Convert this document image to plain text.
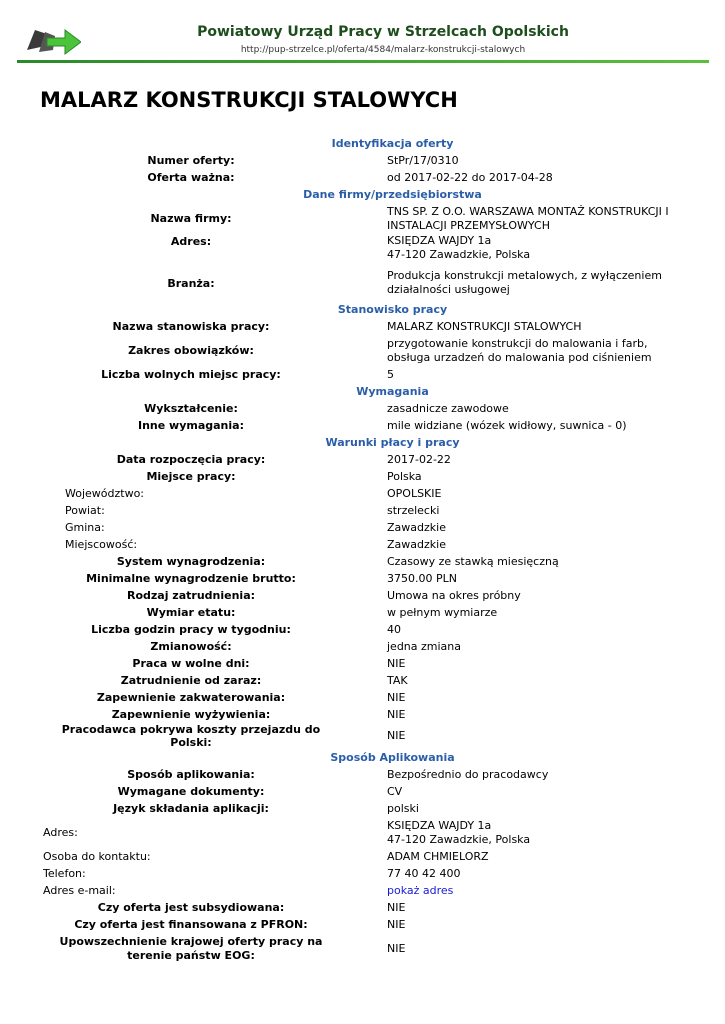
Powiatowy Urząd Pracy w Strzelcach Opolskich
http://pup-strzelce.pl/oferta/4584/malarz-konstrukcji-stalowych
MALARZ KONSTRUKCJI STALOWYCH
Identyfikacja oferty
Numer oferty:	StPr/17/0310
Oferta ważna:	od 2017-02-22 do 2017-04-28
Dane firmy/przedsiębiorstwa
Nazwa firmy:
TNS SP. Z O.O. WARSZAWA MONTAŻ KONSTRUKCJI I INSTALACJI PRZEMYSŁOWYCH
Adres:	KSIĘDZA WAJDY 1a
47-120 Zawadzkie, Polska
Branża:
Produkcja konstrukcji metalowych, z wyłączeniem działalności usługowej
Stanowisko pracy
Nazwa stanowiska pracy:	MALARZ KONSTRUKCJI STALOWYCH
Zakres obowiązków:
przygotowanie konstrukcji do malowania i farb, obsługa urzadzeń do malowania pod ciśnieniem
Liczba wolnych miejsc pracy:	5
Wymagania
Wykształcenie:	zasadnicze zawodowe
Inne wymagania:	mile widziane (wózek widłowy, suwnica - 0)
Warunki płacy i pracy
Data rozpoczęcia pracy:	2017-02-22
Miejsce pracy:	Polska
Województwo:	OPOLSKIE
Powiat:	strzelecki
Gmina:	Zawadzkie
Miejscowość:	Zawadzkie
System wynagrodzenia:	Czasowy ze stawką miesięczną
Minimalne wynagrodzenie brutto:	3750.00 PLN
Rodzaj zatrudnienia:	Umowa na okres próbny
Wymiar etatu:	w pełnym wymiarze
Liczba godzin pracy w tygodniu:	40
Zmianowość:	jedna zmiana
Praca w wolne dni:	NIE
Zatrudnienie od zaraz:	TAK
Zapewnienie zakwaterowania:	NIE
Zapewnienie wyżywienia:	NIE
Pracodawca pokrywa koszty przejazdu do Polski:
NIE
Sposób Aplikowania
Sposób aplikowania:	Bezpośrednio do pracodawcy
Wymagane dokumenty:	CV
Język składania aplikacji:	polski
Adres:
KSIĘDZA WAJDY 1a
47-120 Zawadzkie, Polska
Osoba do kontaktu:	ADAM CHMIELORZ
Telefon:	77 40 42 400
Adres e-mail:	pokaż adres
Czy oferta jest subsydiowana:	NIE
Czy oferta jest finansowana z PFRON:	NIE
Upowszechnienie krajowej oferty pracy na terenie państw EOG:
NIE
